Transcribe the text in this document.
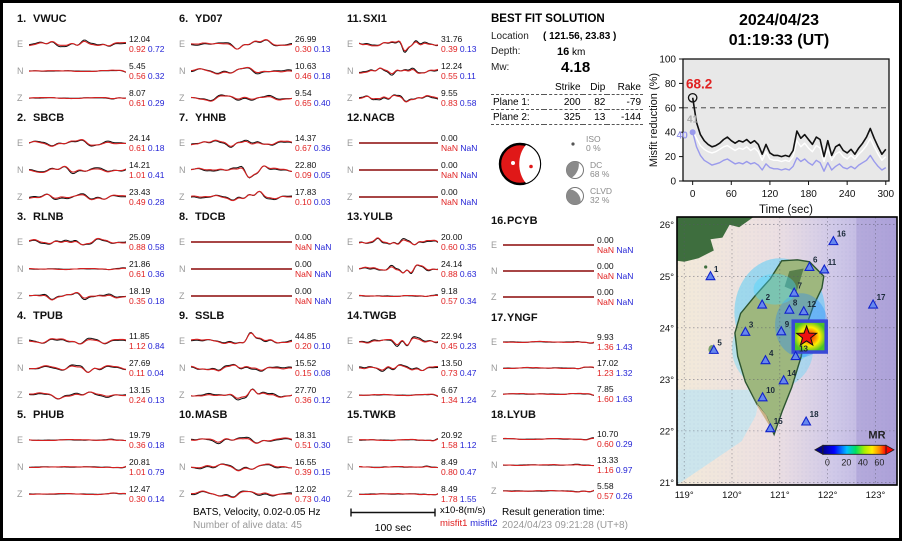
1. VWUC
E	12.04
0.92 0.72
N	5.45
0.56 0.32
Z	8.07
0.61 0.29
2. SBCB
E	24.14
0.61 0.18
N	14.21
1.01 0.41
Z	23.43
0.49 0.28
3. RLNB
E	25.09
0.88 0.58
N	21.86
0.61 0.36
Z	18.19
0.35 0.18
4. TPUB
E	11.85
1.12 0.84
N	27.69
0.11 0.04
Z	13.15
0.24 0.13
5. PHUB
E	19.79
0.36 0.18
N	20.81
1.01 0.79
Z	12.47
0.30 0.14
6. YD07
E	26.99
0.30 0.13
N	10.63
0.46 0.18
Z	9.54
0.65 0.40
7. YHNB
E	14.37
0.67 0.36
N	22.80
0.09 0.05
Z	17.83
0.10 0.03
8. TDCB
E	0.00
NaN NaN
N	0.00
NaN NaN
Z	0.00
NaN NaN
9. SSLB
E	44.85
0.20 0.10
N	15.52
0.15 0.08
Z	27.70
0.36 0.12
10.MASB
E	18.31
0.51 0.30
N	16.55
0.39 0.15
Z	12.02
0.73 0.40
11.SXI1
E	31.76
0.39 0.13
N	12.24
0.55 0.11
Z	9.55
0.83 0.58
12.NACB
E	0.00
NaN NaN
N	0.00
NaN NaN
Z	0.00
NaN NaN
13.YULB
E	20.00
0.60 0.35
N	24.14
0.88 0.63
Z	9.18
0.57 0.34
14.TWGB
E	22.94
0.45 0.23
N	13.50
0.73 0.47
Z	6.67
1.34 1.24
15.TWKB
E	20.92
1.58 1.12
N	8.49
0.80 0.47
Z	8.49
1.78 1.55
16.PCYB
E	0.00
NaN NaN
N	0.00
NaN NaN
Z	0.00
NaN NaN
17.YNGF
E	9.93
1.36 1.43
N	17.02
1.23 1.32
Z	7.85
1.60 1.63
18.LYUB
E	10.70
0.60 0.29
N	13.33
1.16 0.97
Z	5.58
0.57 0.26
BEST FIT SOLUTION
Location	( 121.56, 23.83 )
Depth:	16 km
Mw:	4.18
	Strike	Dip	Rake
Plane 1:	200	82	-79
Plane 2:	325	13	-144
ISO
0 %
DC
68 %
CLVD
32 %
2024/04/23
01:19:33 (UT)
0
20
40
60
80
100
0	60 120 180 240 300
Time (sec)
Misfit reduction (%) 68.2
41
40
1
2
3
4
5
6
7
8
9
10
11
12
13
14
15
16
17
18
119°	120°	121°	122°	123°
26°
25°
24°
23°
22°
21°
MR
0 20 40 60
BATS, Velocity, 0.02-0.05 Hz
Number of alive data: 45	100 sec
x10-8(m/s)
misfit1 misfit2
Result generation time:
2024/04/23 09:21:28 (UT+8)
